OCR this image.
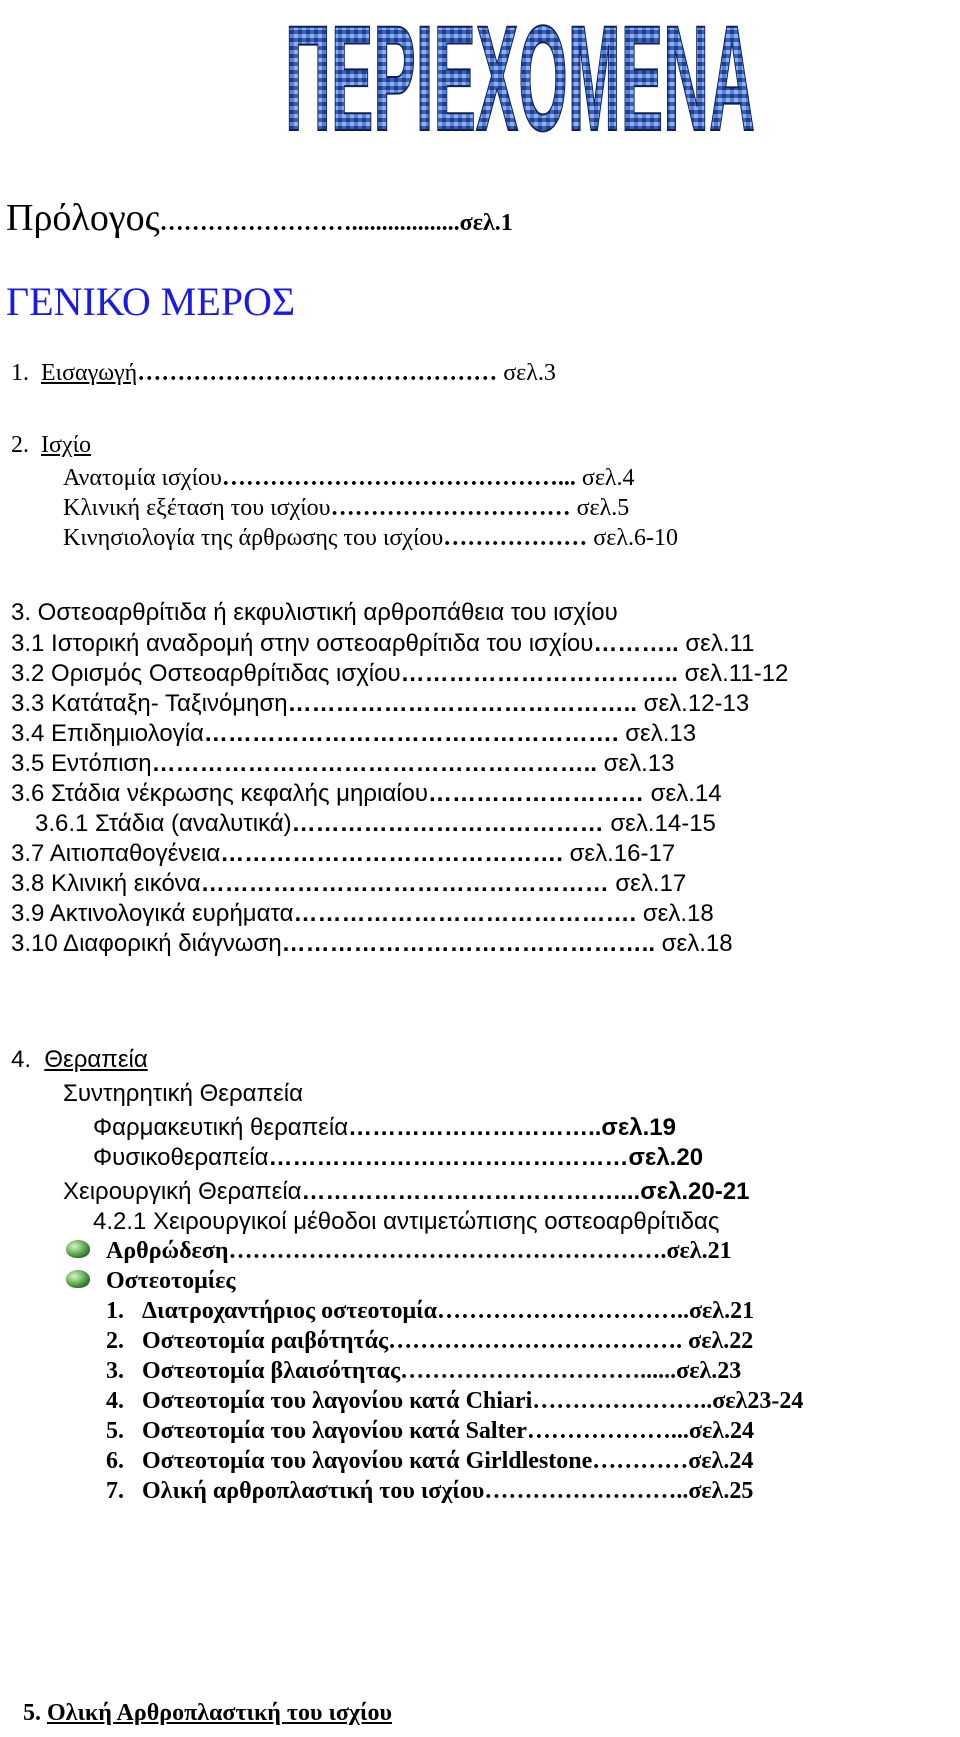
ΠΕΡΙΕΧΟΜΕΝΑ
Πρόλογος……………………..................σελ.1
ΓΕΝΙΚΟ ΜΕΡΟΣ
1. Εισαγωγή……………………………………… σελ.3
2. Ισχίο
Ανατομία ισχίου……………………………………... σελ.4
Κλινική εξέταση του ισχίου………………………… σελ.5
Κινησιολογία της άρθρωσης του ισχίου……………… σελ.6-10
3. Οστεοαρθρίτιδα ή εκφυλιστική αρθροπάθεια του ισχίου
3.1 Ιστορική αναδρομή στην οστεοαρθρίτιδα του ισχίου……….. σελ.11
3.2 Ορισμός Οστεοαρθρίτιδας ισχίου…………………………….. σελ.11-12
3.3 Κατάταξη- Ταξινόμηση…………………………………….. σελ.12-13
3.4 Επιδημιολογία……………………………………………. σελ.13
3.5 Εντόπιση……………………………………………….. σελ.13
3.6 Στάδια νέκρωσης κεφαλής μηριαίου……………………… σελ.14
3.6.1 Στάδια (αναλυτικά)………………………………… σελ.14-15
3.7 Αιτιοπαθογένεια……………………………………. σελ.16-17
3.8 Κλινική εικόνα…………………………………………… σελ.17
3.9 Ακτινολογικά ευρήματα……………………………………. σελ.18
3.10 Διαφορική διάγνωση……………………………………….. σελ.18
4. Θεραπεία
Συντηρητική Θεραπεία
Φαρμακευτική θεραπεία…………………………..σελ.19
Φυσικοθεραπεία………………………………………σελ.20
Χειρουργική Θεραπεία…………………………………....σελ.20-21
4.2.1 Χειρουργικοί μέθοδοι αντιμετώπισης οστεοαρθρίτιδας
Αρθρώδεση……………………………………………….σελ.21
Οστεοτομίες
1. Διατροχαντήριος οστεοτομία…………………………..σελ.21
2. Οστεοτομία ραιβότητάς………………………………. σελ.22
3. Οστεοτομία βλαισότητας…………………………......σελ.23
4. Οστεοτομία του λαγονίου κατά Chiari…………………..σελ23-24
5. Οστεοτομία του λαγονίου κατά Salter………………...σελ.24
6. Οστεοτομία του λαγονίου κατά Girldlestone…………σελ.24
7. Ολική αρθροπλαστική του ισχίου……………………..σελ.25
5. Ολική Αρθροπλαστική του ισχίου
